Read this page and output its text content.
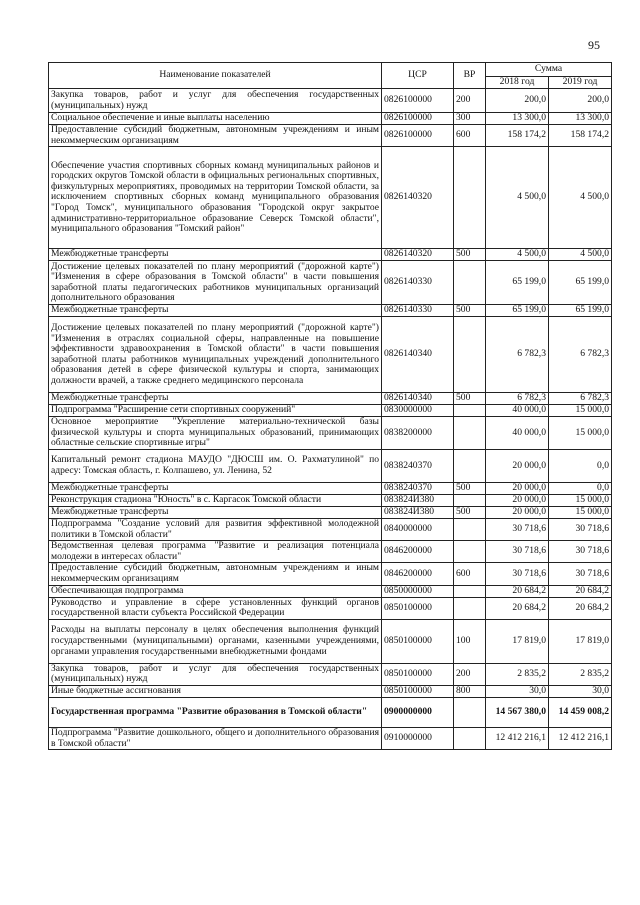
95
Наименование показателей	ЦСР	ВР	Сумма	
			2018 год	2019 год
Закупка товаров, работ и услуг для обеспечения государственных (муниципальных) нужд	0826100000	200	200,0	200,0
Социальное обеспечение и иные выплаты населению	0826100000	300	13 300,0	13 300,0
Предоставление субсидий бюджетным, автономным учреждениям и иным некоммерческим организациям	0826100000	600	158 174,2	158 174,2
Обеспечение участия спортивных сборных команд муниципальных районов и городских округов Томской области в официальных региональных спортивных, физкультурных мероприятиях, проводимых на территории Томской области, за исключением спортивных сборных команд муниципального образования "Город Томск", муниципального образования "Городской округ закрытое административно-территориальное образование Северск Томской области", муниципального образования "Томский район"	0826140320		4 500,0	4 500,0
Межбюджетные трансферты	0826140320	500	4 500,0	4 500,0
Достижение целевых показателей по плану мероприятий ("дорожной карте") "Изменения в сфере образования в Томской области" в части повышения заработной платы педагогических работников муниципальных организаций дополнительного образования	0826140330		65 199,0	65 199,0
Межбюджетные трансферты	0826140330	500	65 199,0	65 199,0
Достижение целевых показателей по плану мероприятий ("дорожной карте") "Изменения в отраслях социальной сферы, направленные на повышение эффективности здравоохранения в Томской области" в части повышения заработной платы работников муниципальных учреждений дополнительного образования детей в сфере физической культуры и спорта, занимающих должности врачей, а также среднего медицинского персонала	0826140340		6 782,3	6 782,3
Межбюджетные трансферты	0826140340	500	6 782,3	6 782,3
Подпрограмма "Расширение сети спортивных сооружений"	0830000000		40 000,0	15 000,0
Основное мероприятие "Укрепление материально-технической базы физической культуры и спорта муниципальных образований, принимающих областные сельские спортивные игры"	0838200000		40 000,0	15 000,0
Капитальный ремонт стадиона МАУДО "ДЮСШ им. О. Рахматулиной" по адресу: Томская область, г. Колпашево, ул. Ленина, 52	0838240370		20 000,0	0,0
Межбюджетные трансферты	0838240370	500	20 000,0	0,0
Реконструкция стадиона "Юность" в с. Каргасок Томской области	083824И380		20 000,0	15 000,0
Межбюджетные трансферты	083824И380	500	20 000,0	15 000,0
Подпрограмма "Создание условий для развития эффективной молодежной политики в Томской области"	0840000000		30 718,6	30 718,6
Ведомственная целевая программа "Развитие и реализация потенциала молодежи в интересах области"	0846200000		30 718,6	30 718,6
Предоставление субсидий бюджетным, автономным учреждениям и иным некоммерческим организациям	0846200000	600	30 718,6	30 718,6
Обеспечивающая подпрограмма	0850000000		20 684,2	20 684,2
Руководство и управление в сфере установленных функций органов государственной власти субъекта Российской Федерации	0850100000		20 684,2	20 684,2
Расходы на выплаты персоналу в целях обеспечения выполнения функций государственными (муниципальными) органами, казенными учреждениями, органами управления государственными внебюджетными фондами	0850100000	100	17 819,0	17 819,0
Закупка товаров, работ и услуг для обеспечения государственных (муниципальных) нужд	0850100000	200	2 835,2	2 835,2
Иные бюджетные ассигнования	0850100000	800	30,0	30,0
Государственная программа "Развитие образования в Томской области"	0900000000		14 567 380,0	14 459 008,2
Подпрограмма "Развитие дошкольного, общего и дополнительного образования в Томской области"	0910000000		12 412 216,1	12 412 216,1
